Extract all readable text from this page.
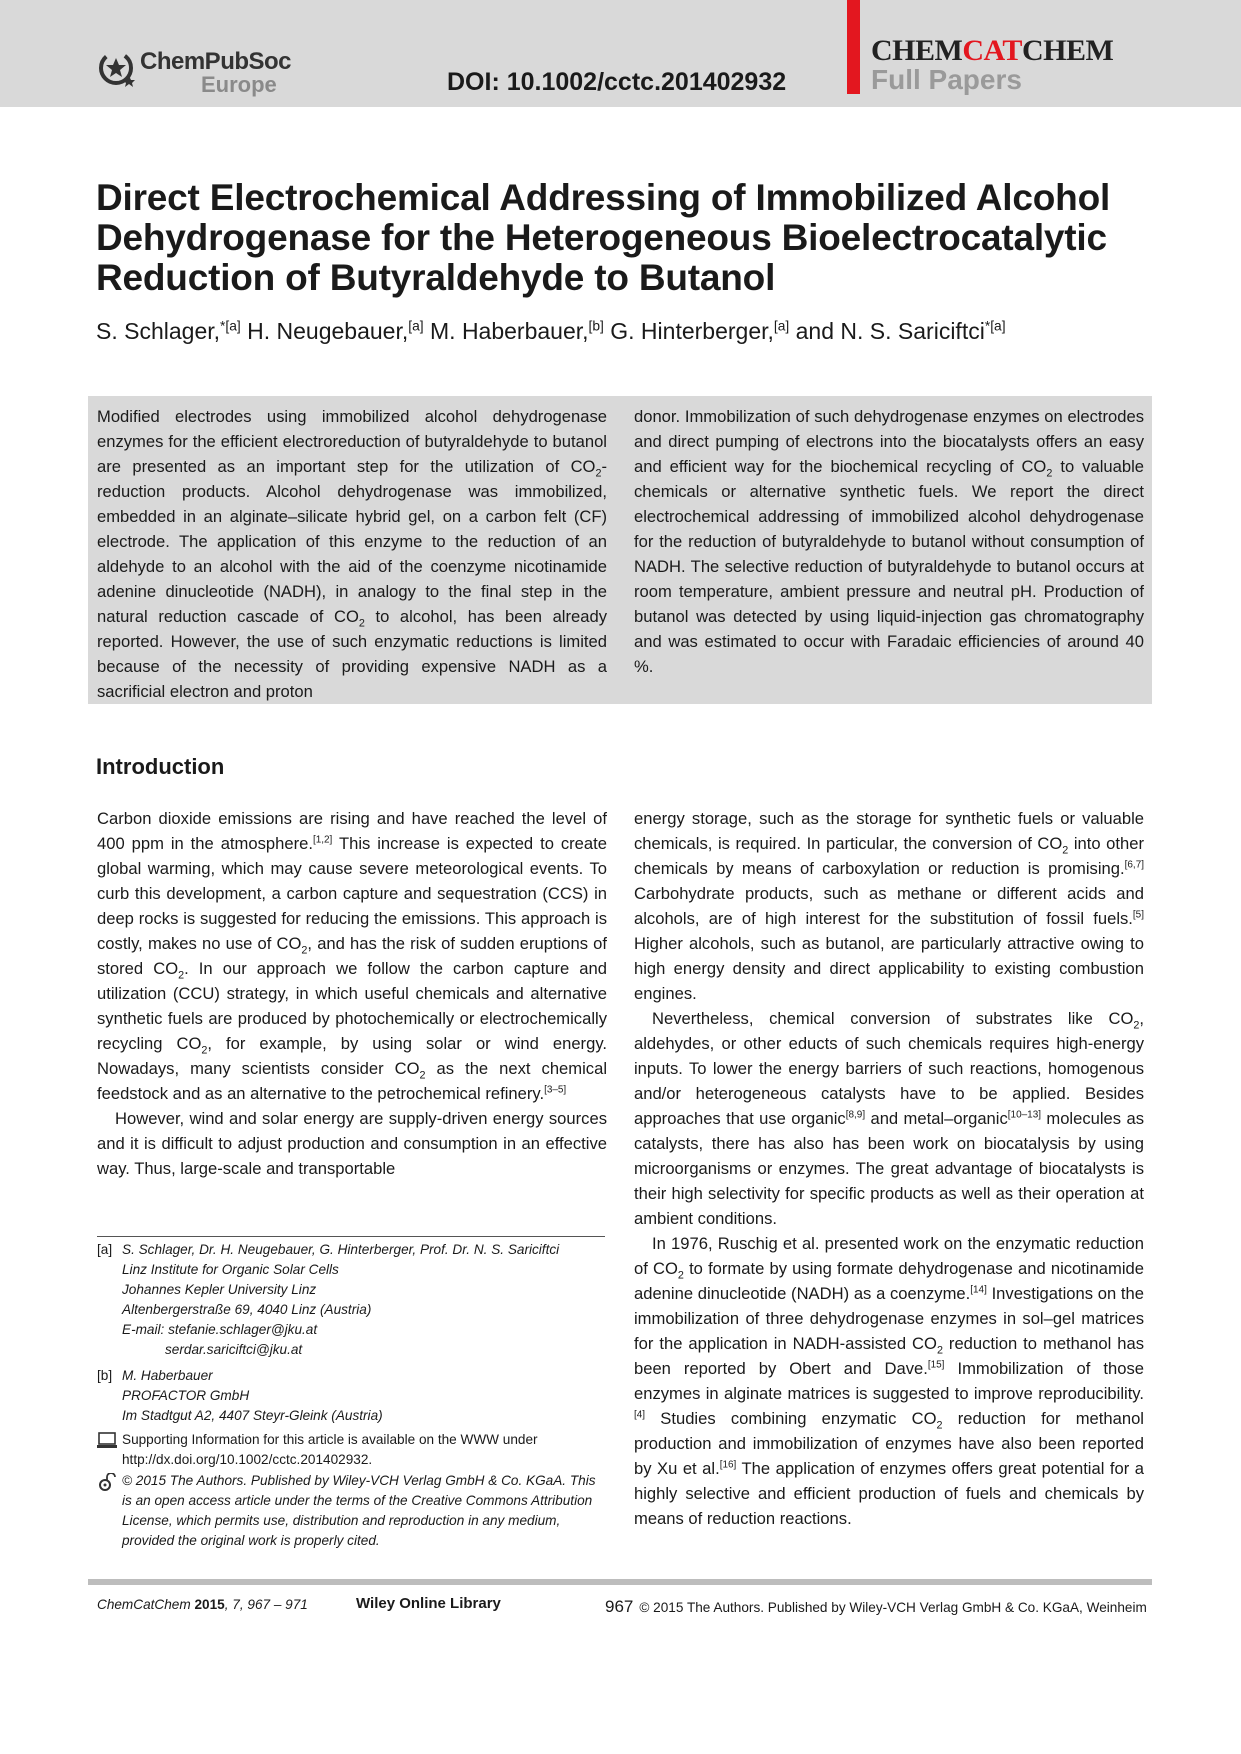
ChemPubSoc
Europe	DOI: 10.1002/cctc.201402932
CHEMCATCHEM
Full Papers
Direct Electrochemical Addressing of Immobilized Alcohol Dehydrogenase for the Heterogeneous Bioelectrocatalytic Reduction of Butyraldehyde to Butanol
S. Schlager,$^{*[a]}$ H. Neugebauer,[a] M. Haberbauer,[b] G. Hinterberger,[a] and N. S. Sariciftci$^{*[a]}$
Modified electrodes using immobilized alcohol dehydrogenase enzymes for the efficient electroreduction of butyraldehyde to butanol are presented as an important step for the utilization of $CO_2$-reduction products. Alcohol dehydrogenase was immobilized, embedded in an alginate–silicate hybrid gel, on a carbon felt (CF) electrode. The application of this enzyme to the reduction of an aldehyde to an alcohol with the aid of the coenzyme nicotinamide adenine dinucleotide (NADH), in analogy to the final step in the natural reduction cascade of $CO_2$ to alcohol, has been already reported. However, the use of such enzymatic reductions is limited because of the necessity of providing expensive NADH as a sacrificial electron and proton
donor. Immobilization of such dehydrogenase enzymes on electrodes and direct pumping of electrons into the biocatalysts offers an easy and efficient way for the biochemical recycling of $CO_2$ to valuable chemicals or alternative synthetic fuels. We report the direct electrochemical addressing of immobilized alcohol dehydrogenase for the reduction of butyraldehyde to butanol without consumption of NADH. The selective reduction of butyraldehyde to butanol occurs at room temperature, ambient pressure and neutral pH. Production of butanol was detected by using liquid-injection gas chromatography and was estimated to occur with Faradaic efficiencies of around 40 %.
Introduction

Carbon dioxide emissions are rising and have reached the level of 400 ppm in the atmosphere.[1,2] This increase is expected to create global warming, which may cause severe meteorological events. To curb this development, a carbon capture and sequestration (CCS) in deep rocks is suggested for reducing the emissions. This approach is costly, makes no use of $CO_2$, and has the risk of sudden eruptions of stored $CO_2$. In our approach we follow the carbon capture and utilization (CCU) strategy, in which useful chemicals and alternative synthetic fuels are produced by photochemically or electrochemically recycling $CO_2$, for example, by using solar or wind energy. Nowadays, many scientists consider $CO_2$ as the next chemical feedstock and as an alternative to the petrochemical refinery.[3–5]

However, wind and solar energy are supply-driven energy sources and it is difficult to adjust production and consumption in an effective way. Thus, large-scale and transportable

energy storage, such as the storage for synthetic fuels or valuable chemicals, is required. In particular, the conversion of $CO_2$ into other chemicals by means of carboxylation or reduction is promising.[6,7] Carbohydrate products, such as methane or different acids and alcohols, are of high interest for the substitution of fossil fuels.[5] Higher alcohols, such as butanol, are particularly attractive owing to high energy density and direct applicability to existing combustion engines.

Nevertheless, chemical conversion of substrates like $CO_2$, aldehydes, or other educts of such chemicals requires high-energy inputs. To lower the energy barriers of such reactions, homogenous and/or heterogeneous catalysts have to be applied. Besides approaches that use organic[8,9] and metal–organic[10–13] molecules as catalysts, there has also has been work on biocatalysis by using microorganisms or enzymes. The great advantage of biocatalysts is their high selectivity for specific products as well as their operation at ambient conditions.

In 1976, Ruschig et al. presented work on the enzymatic reduction of $CO_2$ to formate by using formate dehydrogenase and nicotinamide adenine dinucleotide (NADH) as a coenzyme.[14] Investigations on the immobilization of three dehydrogenase enzymes in sol–gel matrices for the application in NADH-assisted $CO_2$ reduction to methanol has been reported by Obert and Dave.[15] Immobilization of those enzymes in alginate matrices is suggested to improve reproducibility.[4] Studies combining enzymatic $CO_2$ reduction for methanol production and immobilization of enzymes have also been reported by Xu et al.[16] The application of enzymes offers great potential for a highly selective and efficient production of fuels and chemicals by means of reduction reactions.

[a] S. Schlager, Dr. H. Neugebauer, G. Hinterberger, Prof. Dr. N. S. Sariciftci
Linz Institute for Organic Solar Cells
Johannes Kepler University Linz
Altenbergerstraße 69, 4040 Linz (Austria)
E-mail: stefanie.schlager@jku.at
serdar.sariciftci@jku.at
[b] M. Haberbauer
PROFACTOR GmbH
Im Stadtgut A2, 4407 Steyr-Gleink (Austria)
Supporting Information for this article is available on the WWW under http://dx.doi.org/10.1002/cctc.201402932.
© 2015 The Authors. Published by Wiley-VCH Verlag GmbH & Co. KGaA. This is an open access article under the terms of the Creative Commons Attribution License, which permits use, distribution and reproduction in any medium, provided the original work is properly cited.
ChemCatChem 2015, 7, 967 – 971	Wiley Online Library	967 © 2015 The Authors. Published by Wiley-VCH Verlag GmbH & Co. KGaA, Weinheim
